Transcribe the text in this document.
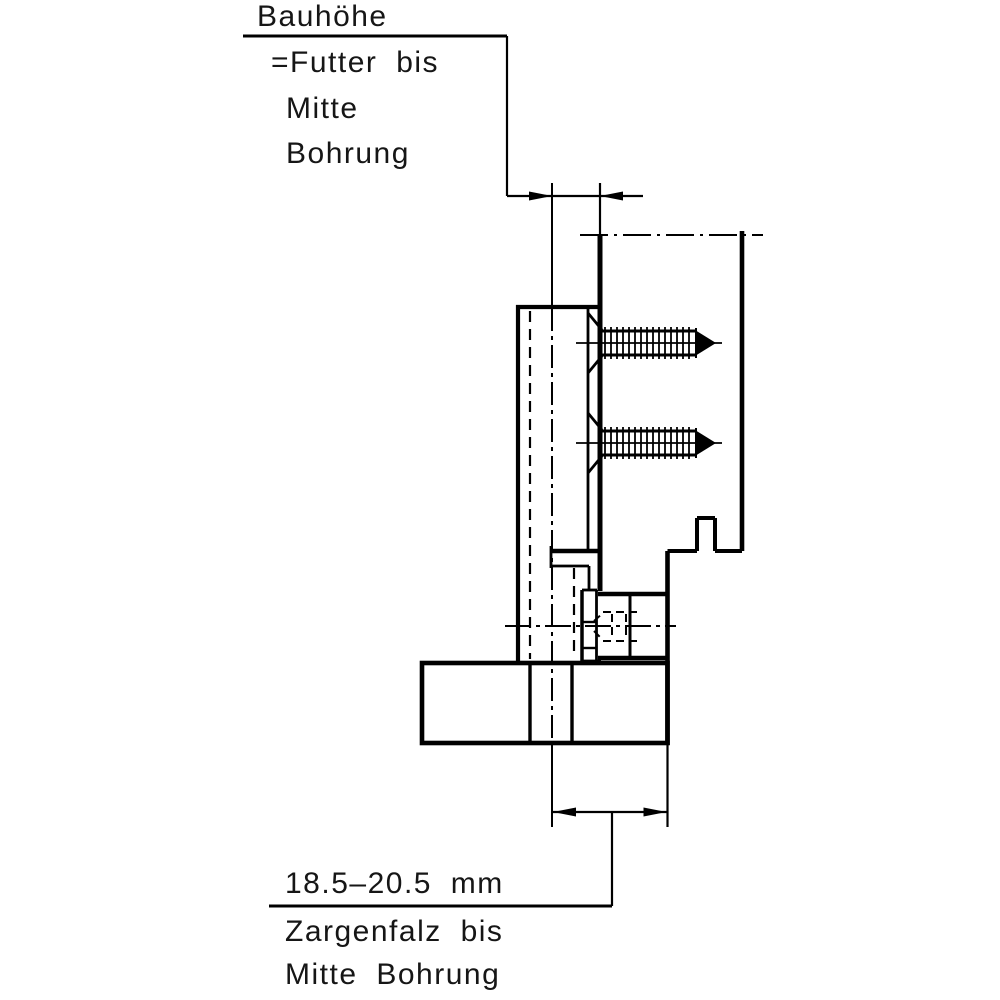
Bauhöhe
=Futter bis
Mitte
Bohrung
18.5–20.5 mm
Zargenfalz bis
Mitte Bohrung
